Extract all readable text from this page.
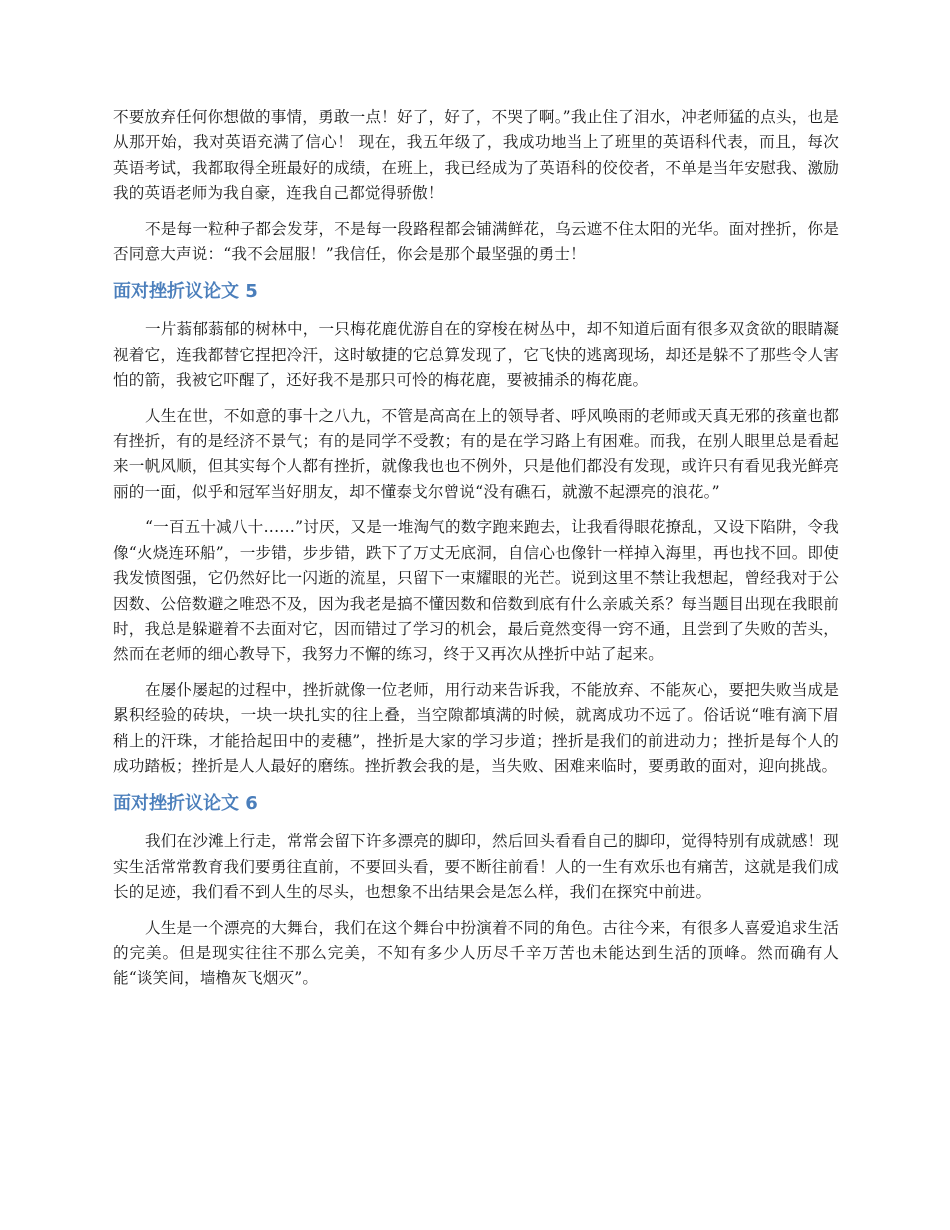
不要放弃任何你想做的事情，勇敢一点！好了，好了，不哭了啊。”我止住了泪水，冲老师猛的点头，也是从那开始，我对英语充满了信心！ 现在，我五年级了，我成功地当上了班里的英语科代表，而且，每次英语考试，我都取得全班最好的成绩，在班上，我已经成为了英语科的佼佼者，不单是当年安慰我、激励我的英语老师为我自豪，连我自己都觉得骄傲！

不是每一粒种子都会发芽，不是每一段路程都会铺满鲜花，乌云遮不住太阳的光华。面对挫折，你是否同意大声说：“我不会屈服！”我信任，你会是那个最坚强的勇士！

面对挫折议论文 5

一片蓊郁蓊郁的树林中，一只梅花鹿优游自在的穿梭在树丛中，却不知道后面有很多双贪欲的眼睛凝视着它，连我都替它捏把冷汗，这时敏捷的它总算发现了，它飞快的逃离现场，却还是躲不了那些令人害怕的箭，我被它吓醒了，还好我不是那只可怜的梅花鹿，要被捕杀的梅花鹿。

人生在世，不如意的事十之八九，不管是高高在上的领导者、呼风唤雨的老师或天真无邪的孩童也都有挫折，有的是经济不景气；有的是同学不受教；有的是在学习路上有困难。而我，在别人眼里总是看起来一帆风顺，但其实每个人都有挫折，就像我也也不例外，只是他们都没有发现，或许只有看见我光鲜亮丽的一面，似乎和冠军当好朋友，却不懂泰戈尔曾说“没有礁石，就激不起漂亮的浪花。”

“一百五十减八十‥‥‥”讨厌，又是一堆淘气的数字跑来跑去，让我看得眼花撩乱，又设下陷阱，令我像“火烧连环船”，一步错，步步错，跌下了万丈无底洞，自信心也像针一样掉入海里，再也找不回。即使我发愤图强，它仍然好比一闪逝的流星，只留下一束耀眼的光芒。说到这里不禁让我想起，曾经我对于公因数、公倍数避之唯恐不及，因为我老是搞不懂因数和倍数到底有什么亲戚关系？每当题目出现在我眼前时，我总是躲避着不去面对它，因而错过了学习的机会，最后竟然变得一窍不通，且尝到了失败的苦头，然而在老师的细心教导下，我努力不懈的练习，终于又再次从挫折中站了起来。

在屡仆屡起的过程中，挫折就像一位老师，用行动来告诉我，不能放弃、不能灰心，要把失败当成是累积经验的砖块，一块一块扎实的往上叠，当空隙都填满的时候，就离成功不远了。俗话说“唯有滴下眉稍上的汗珠，才能拾起田中的麦穗”，挫折是大家的学习步道；挫折是我们的前进动力；挫折是每个人的成功踏板；挫折是人人最好的磨练。挫折教会我的是，当失败、困难来临时，要勇敢的面对，迎向挑战。

面对挫折议论文 6

我们在沙滩上行走，常常会留下许多漂亮的脚印，然后回头看看自己的脚印，觉得特别有成就感！现实生活常常教育我们要勇往直前，不要回头看，要不断往前看！人的一生有欢乐也有痛苦，这就是我们成长的足迹，我们看不到人生的尽头，也想象不出结果会是怎么样，我们在探究中前进。

人生是一个漂亮的大舞台，我们在这个舞台中扮演着不同的角色。古往今来，有很多人喜爱追求生活的完美。但是现实往往不那么完美，不知有多少人历尽千辛万苦也未能达到生活的顶峰。然而确有人能“谈笑间，墙橹灰飞烟灭”。
